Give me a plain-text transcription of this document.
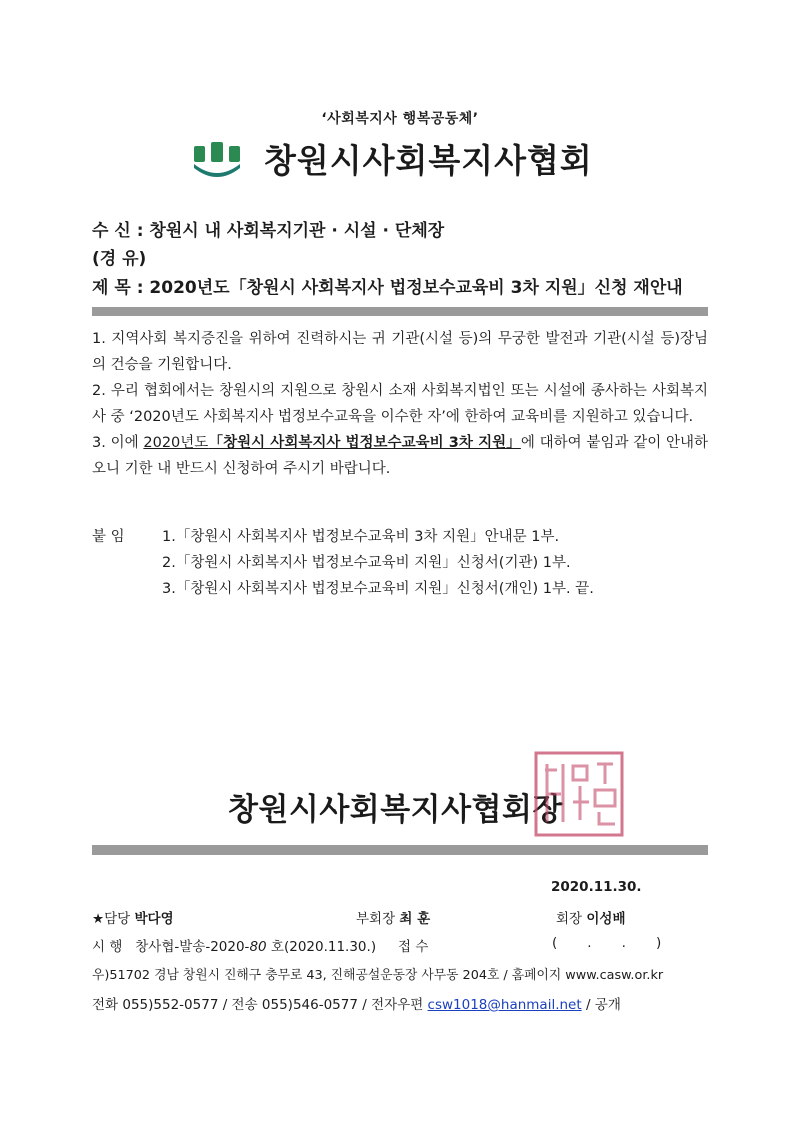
‘사회복지사 행복공동체’
창원시사회복지사협회
수 신 : 창원시 내 사회복지기관 · 시설 · 단체장
(경 유)
제 목 : 2020년도「창원시 사회복지사 법정보수교육비 3차 지원」신청 재안내

1. 지역사회 복지증진을 위하여 진력하시는 귀 기관(시설 등)의 무궁한 발전과 기관(시설 등)장님의 건승을 기원합니다.

2. 우리 협회에서는 창원시의 지원으로 창원시 소재 사회복지법인 또는 시설에 종사하는 사회복지사 중 ‘2020년도 사회복지사 법정보수교육을 이수한 자’에 한하여 교육비를 지원하고 있습니다.

3. 이에 2020년도「창원시 사회복지사 법정보수교육비 3차 지원」에 대하여 붙임과 같이 안내하오니 기한 내 반드시 신청하여 주시기 바랍니다.

붙 임	1.「창원시 사회복지사 법정보수교육비 3차 지원」안내문 1부.
2.「창원시 사회복지사 법정보수교육비 지원」신청서(기관) 1부.
3.「창원시 사회복지사 법정보수교육비 지원」신청서(개인) 1부. 끝.
창원시사회복지사협회장
2020.11.30.
★담당 박다영	부회장 최 훈	회장 이성배
시 행 창사협-발송-2020-80 호(2020.11.30.) 접 수	(       .       .       )
우)51702 경남 창원시 진해구 충무로 43, 진해공설운동장 사무동 204호 / 홈페이지 www.casw.or.kr
전화 055)552-0577 / 전송 055)546-0577 / 전자우편 csw1018@hanmail.net / 공개
